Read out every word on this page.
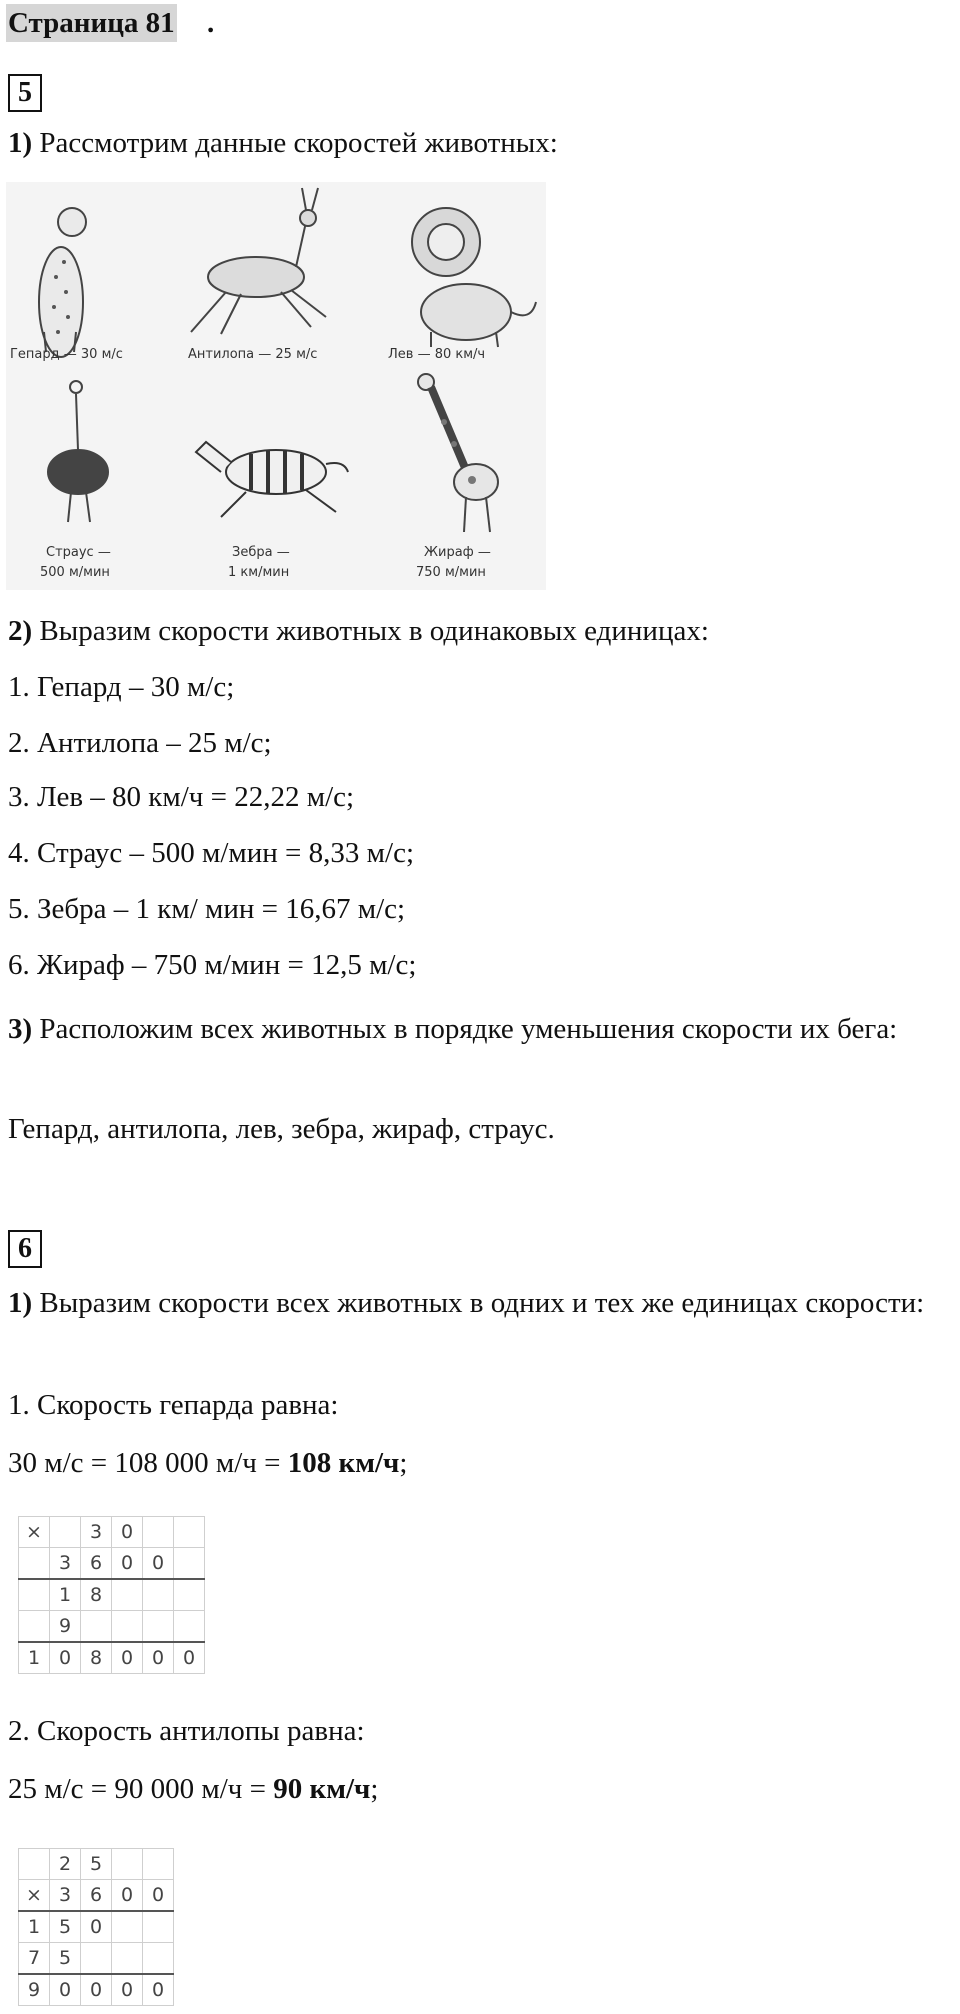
Страница 81 .
5
1) Рассмотрим данные скоростей животных:
Гепард — 30 м/с	Антилопа — 25 м/с	Лев — 80 км/ч
Страус —
500 м/мин
Зебра —
1 км/мин
Жираф —
750 м/мин
2) Выразим скорости животных в одинаковых единицах:
1. Гепард – 30 м/с;
2. Антилопа – 25 м/с;
3. Лев – 80 км/ч = 22,22 м/с;
4. Страус – 500 м/мин = 8,33 м/с;
5. Зебра – 1 км/ мин = 16,67 м/с;
6. Жираф – 750 м/мин = 12,5 м/с;
3) Расположим всех животных в порядке уменьшения скорости их бега:
Гепард, антилопа, лев, зебра, жираф, страус.
6
1) Выразим скорости всех животных в одних и тех же единицах скорости:
1. Скорость гепарда равна:
30 м/с = 108 000 м/ч = 108 км/ч;
×		3	0		
	3	6	0	0	
	1	8			
	9				
1	0	8	0	0	0
2. Скорость антилопы равна:
25 м/с = 90 000 м/ч = 90 км/ч;
	2	5		
×	3	6	0	0
1	5	0		
7	5			
9	0	0	0	0
